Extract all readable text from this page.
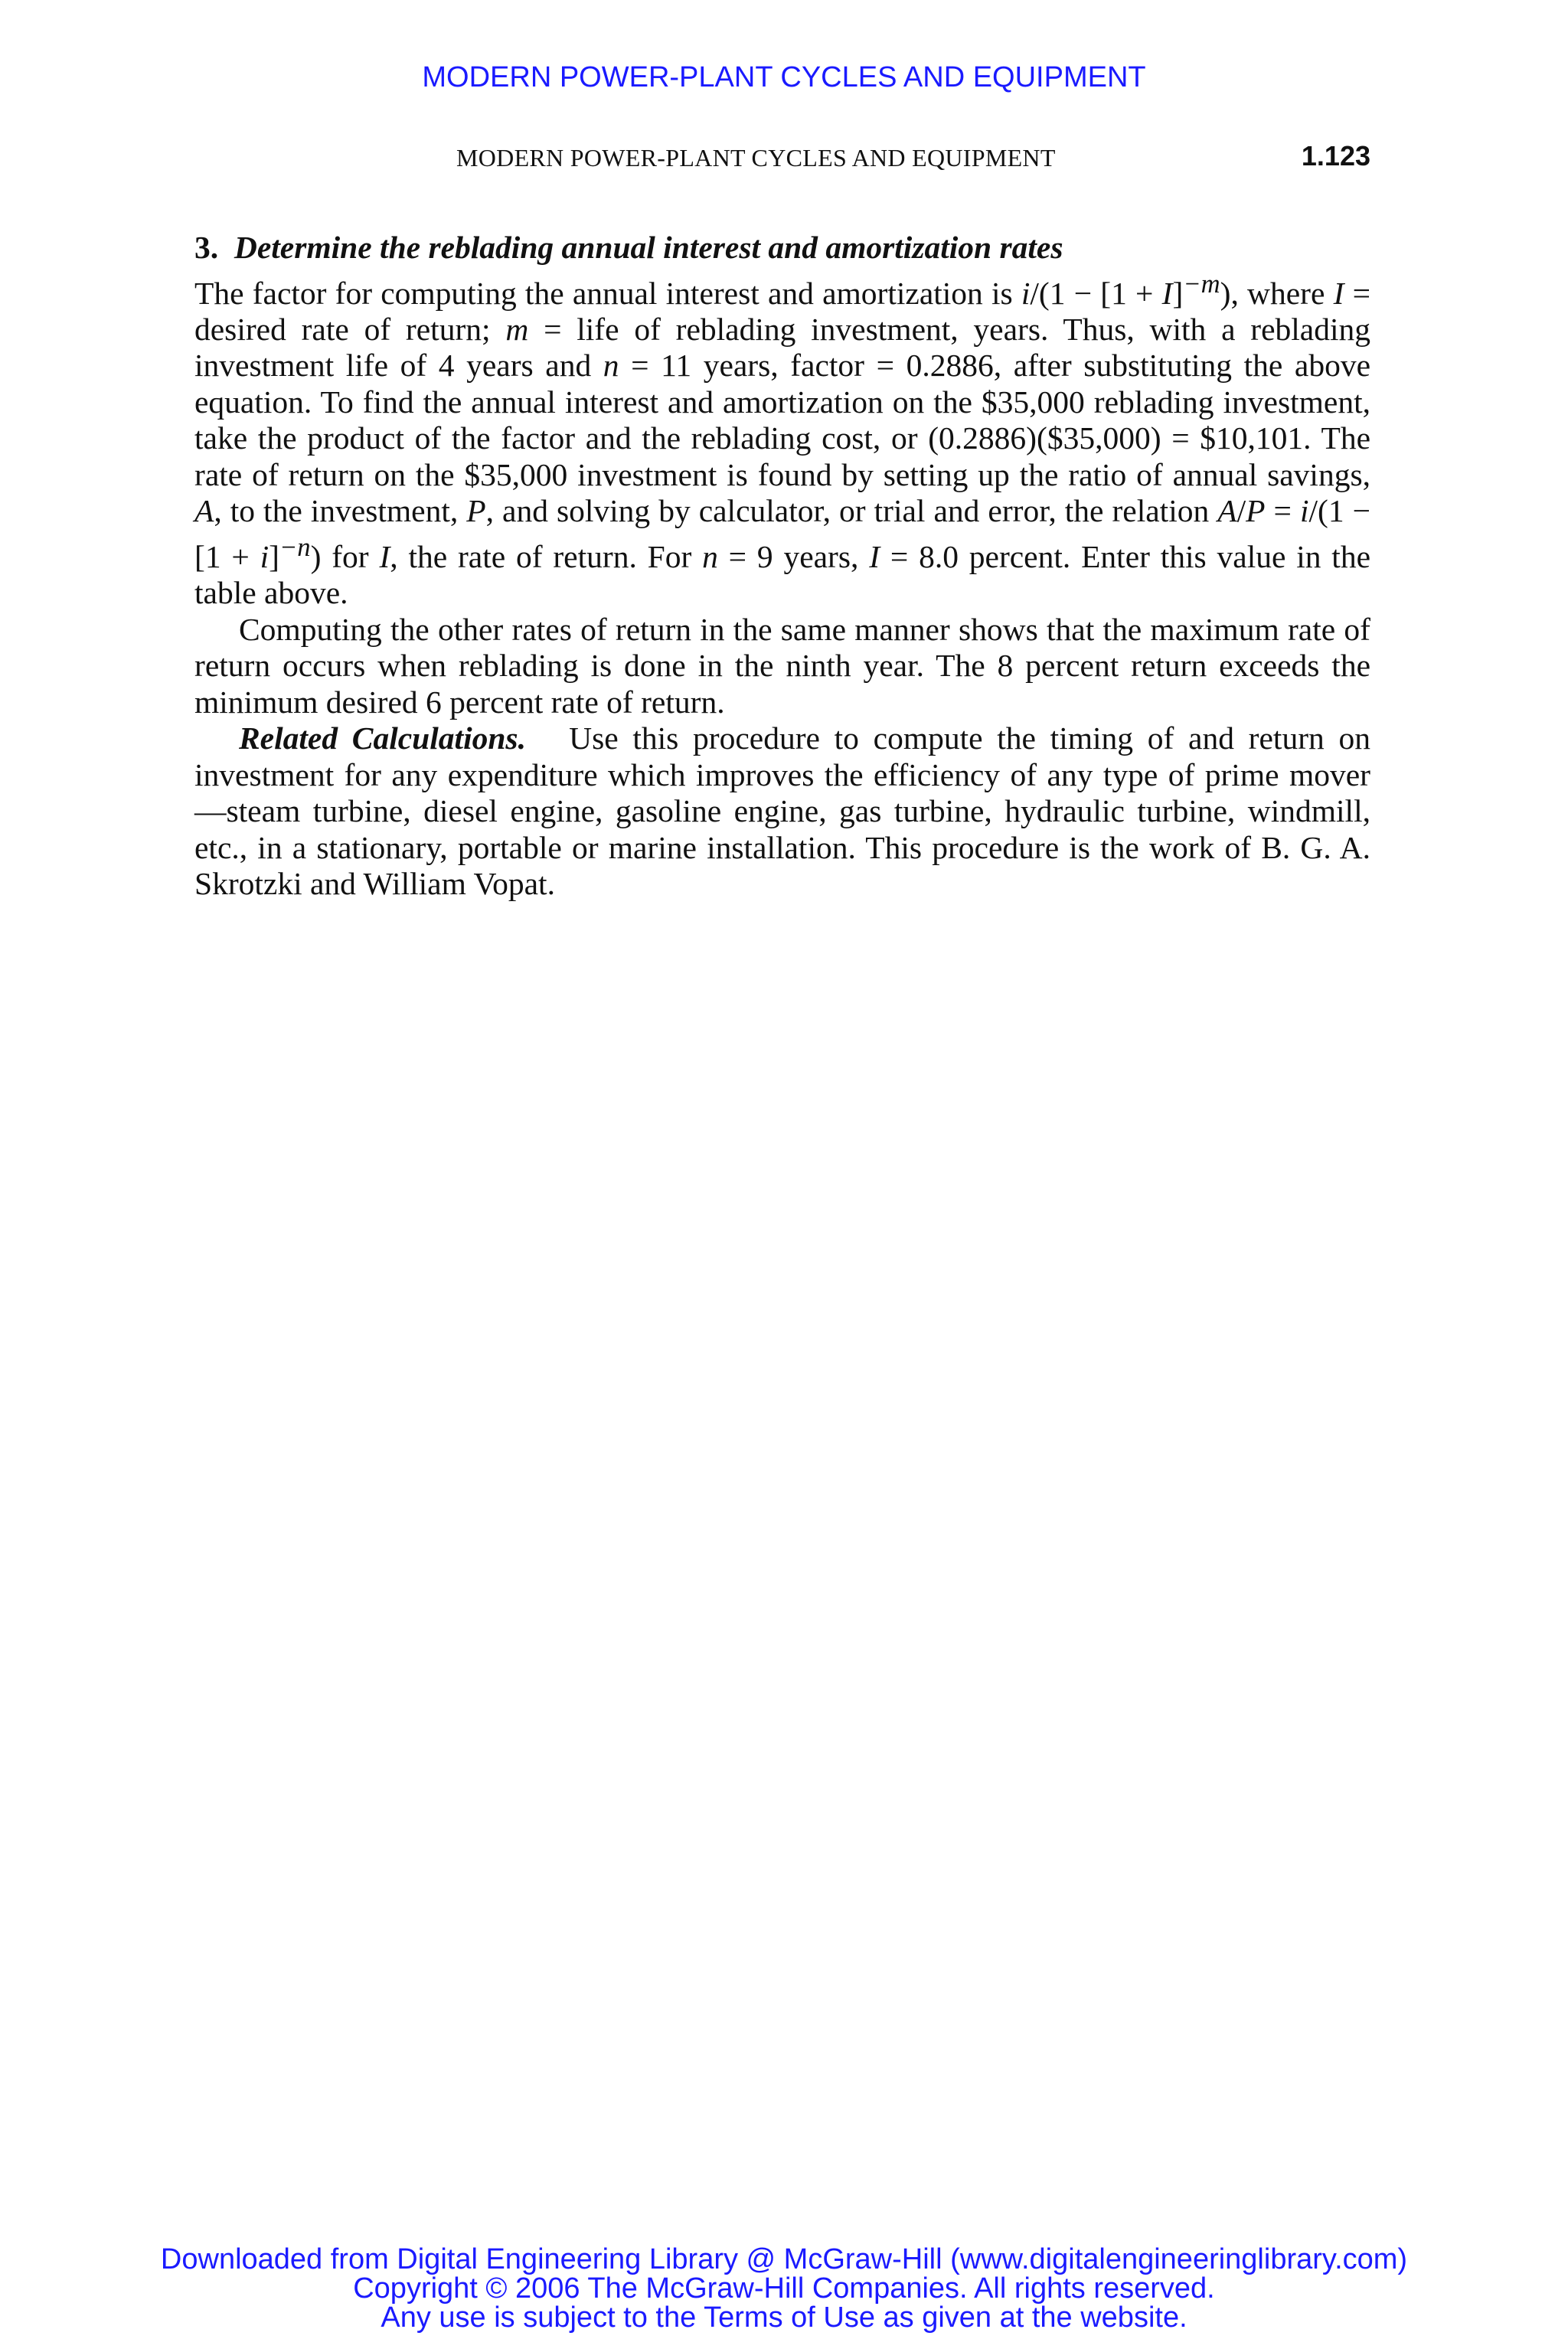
MODERN POWER-PLANT CYCLES AND EQUIPMENT
MODERN POWER-PLANT CYCLES AND EQUIPMENT	1.123

3. Determine the reblading annual interest and amortization rates
The factor for computing the annual interest and amortization is $i/(1 - [1 + I]^{-m})$, where I = desired rate of return; m = life of reblading investment, years. Thus, with a reblading investment life of 4 years and n = 11 years, factor = 0.2886, after substituting the above equation. To find the annual interest and amortization on the $35,000 reblading investment, take the product of the factor and the reblading cost, or (0.2886)($35,000) = $10,101. The rate of return on the $35,000 investment is found by setting up the ratio of annual savings, A, to the investment, P, and solving by calculator, or trial and error, the relation $A/P = i/(1 - [1 + i]^{-n})$ for I, the rate of return. For n = 9 years, I = 8.0 percent. Enter this value in the table above.

Computing the other rates of return in the same manner shows that the maximum rate of return occurs when reblading is done in the ninth year. The 8 percent return exceeds the minimum desired 6 percent rate of return.

Related Calculations. Use this procedure to compute the timing of and return on investment for any expenditure which improves the efficiency of any type of prime mover—steam turbine, diesel engine, gasoline engine, gas turbine, hydraulic turbine, windmill, etc., in a stationary, portable or marine installation. This procedure is the work of B. G. A. Skrotzki and William Vopat.

Downloaded from Digital Engineering Library @ McGraw-Hill (www.digitalengineeringlibrary.com)
Copyright © 2006 The McGraw-Hill Companies. All rights reserved.
Any use is subject to the Terms of Use as given at the website.
